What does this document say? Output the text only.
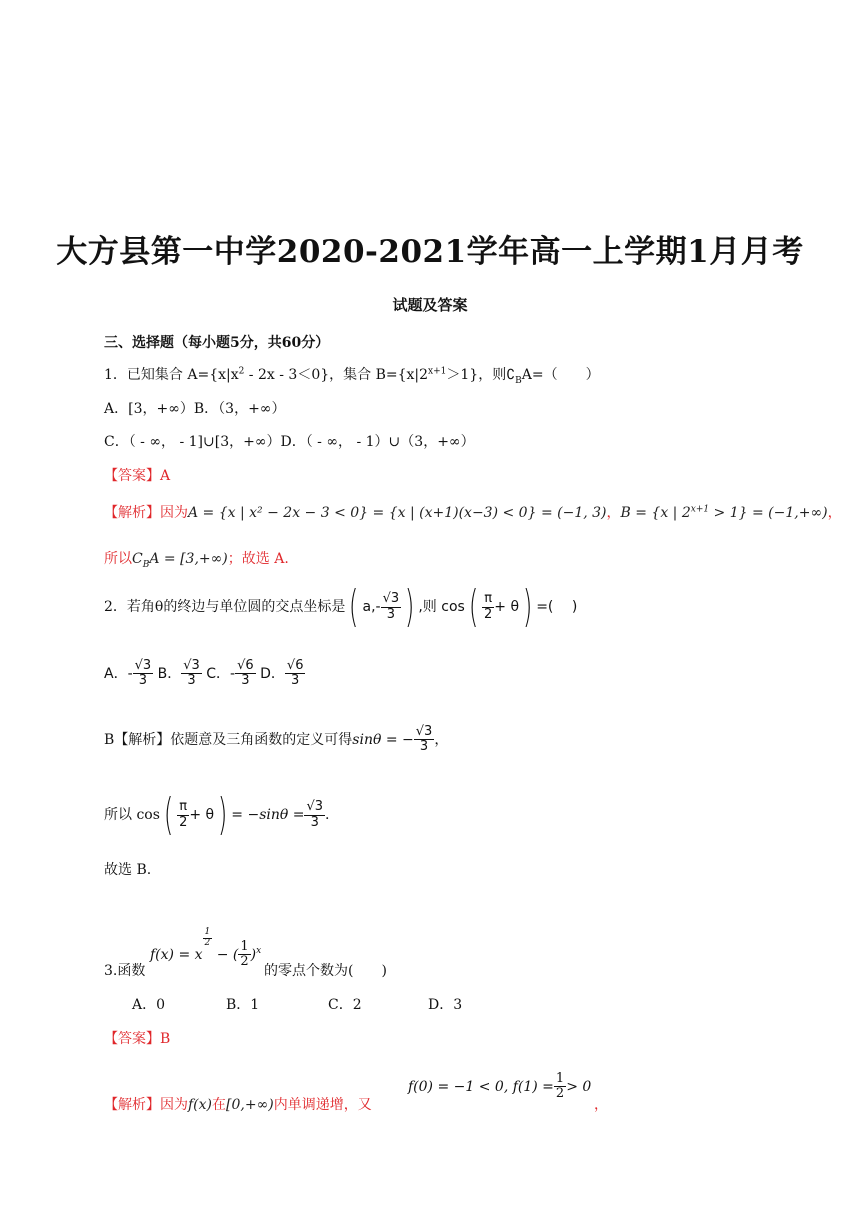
大方县第一中学2020-2021学年高一上学期1月月考
试题及答案
三、选择题（每小题5分，共60分）
1．已知集合 $A=\{x|x^2 - 2x - 3<0\}$，集合 $B=\{x|2^{x+1}>1\}$，则$∁_BA=$（　　）
A．[3，+∞）B．（3，+∞）
C．（ - ∞， - 1]∪[3，+∞）D．（ - ∞， - 1）∪（3，+∞）
【答案】A
【解析】因为A = {x | x² − 2x − 3 < 0} = {x | (x+1)(x−3) < 0} = (−1, 3)，B = {x | $2^{x+1} > 1\} = (-1,+\infty)$，
所以$C_BA = [3,+\infty)$；故选 A.
2．若角θ的终边与单位圆的交点坐标是( $a,- \frac{√3}{3}$ ) ,则 $\cos( \frac{\pi}{2} + \theta)$ =(　 )
A．- $\frac{√3}{3}$ B． $\frac{√3}{3}$ C．- $\frac{√6}{3}$ D． $\frac{√6}{3}$
B【解析】依题意及三角函数的定义可得sinθ = − $\frac{√3}{3}$ ，
所以 $\cos( \frac{\pi}{2} + \theta) = -\sin\theta = \frac{√3}{3}$ .
故选 B.
f(x) = x
$\frac{1}{2}$
− ( $\frac{1}{2} )^x$
3.函数	的零点个数为(　　)
A．0	B．1	C．2	D．3
【答案】B
【解析】因为f(x)在[0,+∞)内单调递增，又
f(0) = −1 < 0, $f(1) = \frac{1}{2} > 0$
，
